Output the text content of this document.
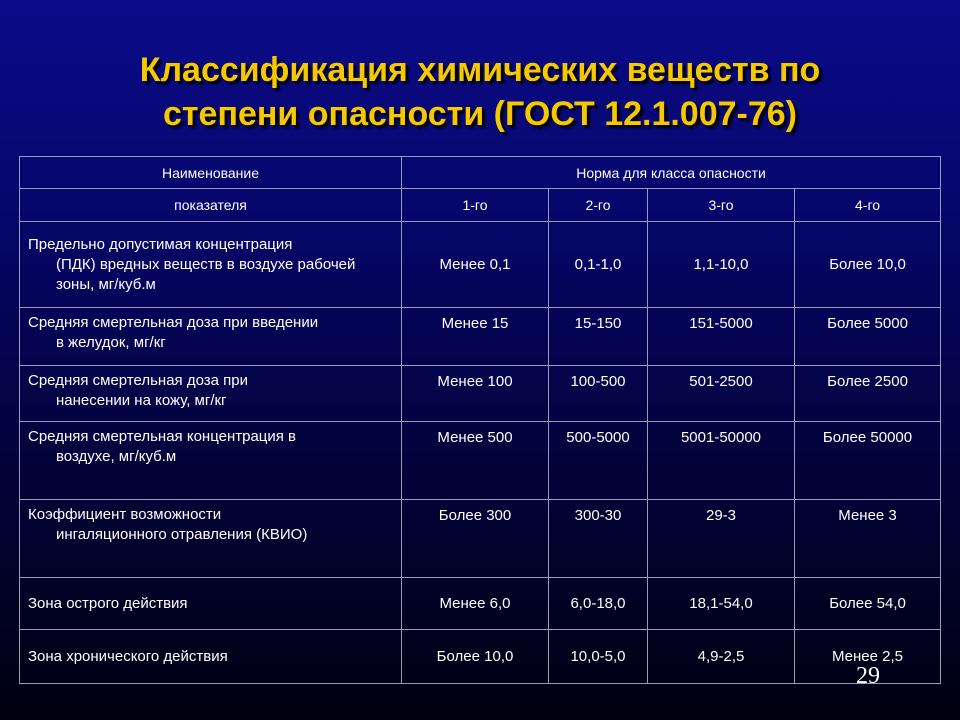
Классификация химических веществ по
степени опасности (ГОСТ 12.1.007-76)
Наименование	Норма для класса опасности			
показателя	1-го	2-го	3-го	4-го

Предельно допустимая концентрация
(ПДК) вредных веществ в воздухе рабочей зоны, мг/куб.м	Менее 0,1	0,1-1,0	1,1-10,0	Более 10,0

Средняя смертельная доза при введении
в желудок, мг/кг	Менее 15	15-150	151-5000	Более 5000

Средняя смертельная доза при
нанесении на кожу, мг/кг	Менее 100	100-500	501-2500	Более 2500

Средняя смертельная концентрация в
воздухе, мг/куб.м	Менее 500	500-5000	5001-50000	Более 50000

Коэффициент возможности
ингаляционного отравления (КВИО)	Более 300	300-30	29-3	Менее 3

Зона острого действия	Менее 6,0	6,0-18,0	18,1-54,0	Более 54,0

Зона хронического действия	Более 10,0	10,0-5,0	4,9-2,5	Менее 2,5
29
